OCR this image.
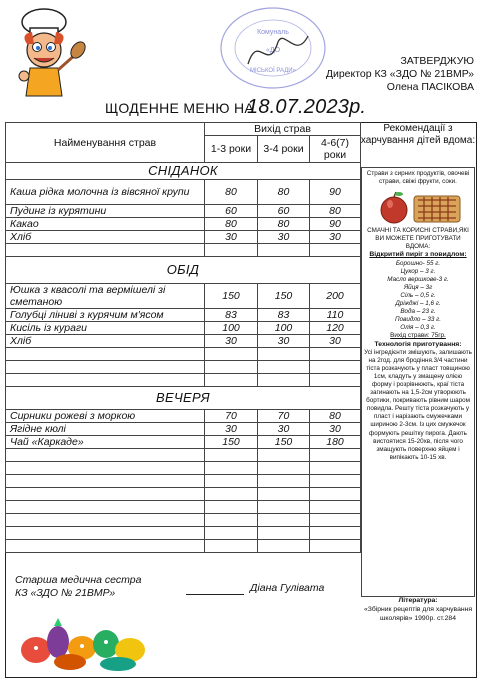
Комуналь
«ДО
МІСЬКОЇ РАДИ»
ЗАТВЕРДЖУЮ
Директор КЗ «ЗДО № 21ВМР»
Олена ПАСІКОВА
ЩОДЕННЕ МЕНЮ НА
18.07.2023р.
Найменування страв	Вихід страв		
	1-3 роки	3-4 роки	4-6(7) роки
СНІДАНОК			
Каша рідка молочна із вівсяної крупи	80	80	90
Пудинг із курятини	60	60	80
Какао	80	80	90
Хліб	30	30	30

ОБІД			
Юшка з квасолі та вермішелі зі сметаною	150	150	200
Голубці ліниві з курячим м'ясом	83	83	110
Кисіль із кураги	100	100	120
Хліб	30	30	30

ВЕЧЕРЯ			
Сирники рожеві з моркою	70	70	80
Ягідне кюлі	30	30	30
Чай «Каркаде»	150	150	180

Рекомендації з харчування дітей вдома:
Страви з сирних продуктів, овочеві страви, свіжі фрукти, соки.
СМАЧНІ ТА КОРИСНІ СТРАВИ,ЯКІ ВИ МОЖЕТЕ ПРИГОТУВАТИ ВДОМА:
Відкритий пиріг з повидлом:
Борошно- 55 г.
Цукор – 3 г.
Масло вершкове-3 г.
Яйця – 3г
Сіль – 0,5 г.
Дріжджі – 1,6 г.
Вода – 23 г.
Повидло – 33 г.
Олія – 0,3 г.
Вихід страви: 75гр.
Технологія приготування:
Усі інгредієнти змішують, залишають на 2год. для бродіння.3/4 частини тіста розкачують у пласт товщиною 1см, кладуть у змащену олією форму і розрівнюють, краї тіста загинають на 1,5-2см утворюють бортики, покривають рівним шаром повидла. Решту тіста розкачують у пласт і нарізають смужечками шириною 2-3см. Із цих смужечок формують решітку пирога. Дають вистоятися 15-20хв, після чого змащують поверхню яйцем і випікають 10-15 хв.
Література:
«Збірник рецептів для харчування школярів» 1990р. ст.284
Старша медична сестра
КЗ «ЗДО № 21ВМР»	Діана Гулівата
